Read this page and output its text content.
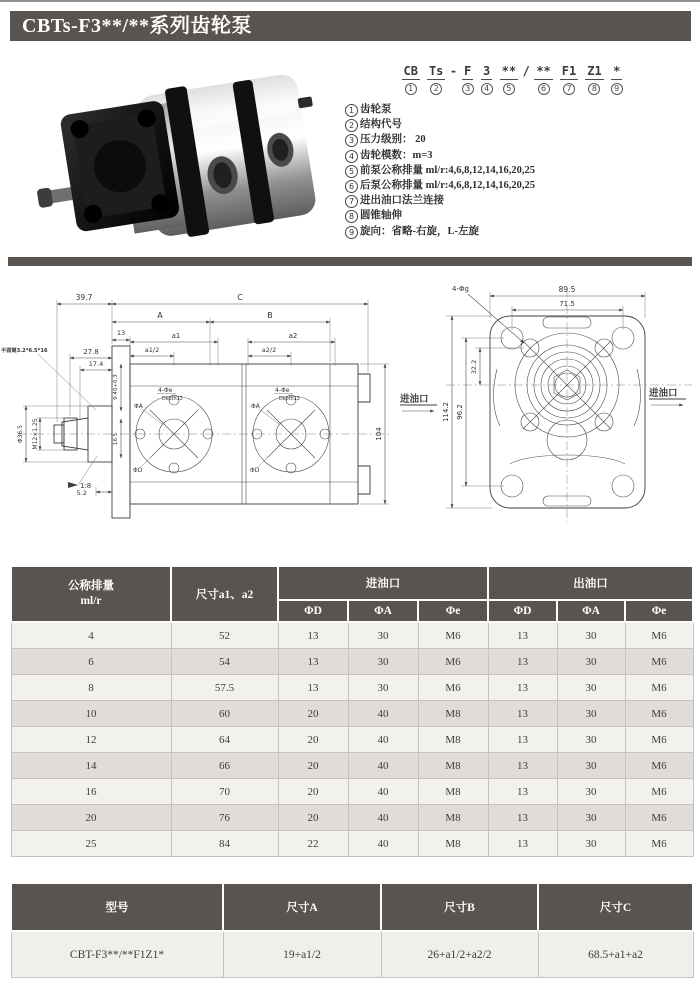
CBTs-F3**/**系列齿轮泵
CB
1
Ts
2
- F
3
3
4
**
5
/ **
6
F1
7
Z1
8
*
9
1 齿轮泵
2 结构代号
3 压力级别： 20
4 齿轮模数：m=3
5 前泵公称排量 ml/r:4,6,8,12,14,16,20,25
6 后泵公称排量 ml/r:4,6,8,12,14,16,20,25
7 进出油口法兰连接
8 圆锥轴伸
9 旋向：省略-右旋，L-左旋
4-Φe
Depth13
ΦA
ΦD
4-Φe
Depth13
ΦA
ΦD
39.7	C
A	B
a1	a2
a1/2	a2/2
13
27.8
17.4
5.2
104
Φ36.5 M12×1.25
9.40+0.3
16.5
半圆键3.2*6.5*16
1:8
89.5
71.5
114.2 96.2
32.2
4-Φg
进油口
进油口
公称排量
ml/r	尺寸a1、a2	进油口			出油口		
		ΦD	ΦA	Φe	ΦD	ΦA	Φe
4	52	13	30	M6	13	30	M6
6	54	13	30	M6	13	30	M6
8	57.5	13	30	M6	13	30	M6
10	60	20	40	M8	13	30	M6
12	64	20	40	M8	13	30	M6
14	66	20	40	M8	13	30	M6
16	70	20	40	M8	13	30	M6
20	76	20	40	M8	13	30	M6
25	84	22	40	M8	13	30	M6
型号	尺寸A	尺寸B	尺寸C
CBT-F3**/**F1Z1*	19+a1/2	26+a1/2+a2/2	68.5+a1+a2
